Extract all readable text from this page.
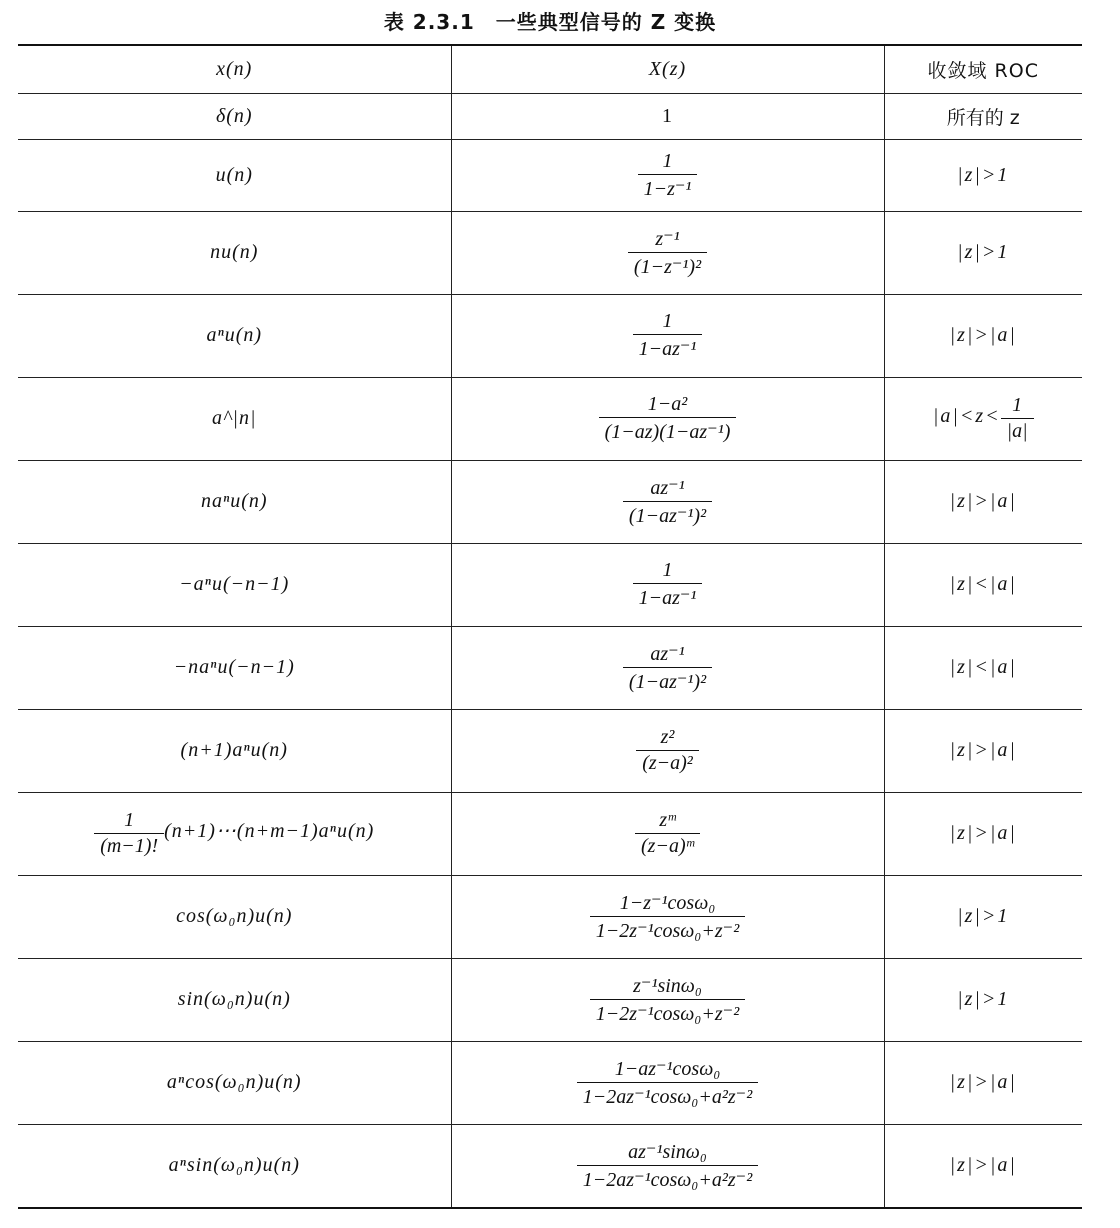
表 2.3.1　一些典型信号的 Z 变换
x(n)	X(z)	收敛域 ROC
δ(n)	1	所有的 z
u(n)	$\frac{1}{\text{1−z⁻¹}}$	|z|>1
nu(n)	$\frac{\text{z⁻¹}}{\text{(1−z⁻¹)²}}$	|z|>1
aⁿu(n)	$\frac{1}{\text{1−az⁻¹}}$	|z|>|a|
a^|n|	$\frac{\text{1−a²}}{\text{(1−az)(1−az⁻¹)}}$	$|a|<z< \frac{1}{|a|}$

naⁿu(n)	$\frac{\text{az⁻¹}}{\text{(1−az⁻¹)²}}$	|z|>|a|
−aⁿu(−n−1)	$\frac{1}{\text{1−az⁻¹}}$	|z|<|a|
−naⁿu(−n−1)	$\frac{\text{az⁻¹}}{\text{(1−az⁻¹)²}}$	|z|<|a|
(n+1)aⁿu(n)	$\frac{\text{z²}}{\text{(z−a)²}}$	|z|>|a|

$\frac{1}{(m-1)!}$ (n+1)⋯(n+m−1)aⁿu(n)	$\frac{\text{zᵐ}}{\text{(z−a)ᵐ}}$	|z|>|a|
cos(ω₀n)u(n)	$\frac{\text{1−z⁻¹cosω₀}}{\text{1−2z⁻¹cosω₀+z⁻²}}$	|z|>1
sin(ω₀n)u(n)	$\frac{\text{z⁻¹sinω₀}}{\text{1−2z⁻¹cosω₀+z⁻²}}$	|z|>1
aⁿcos(ω₀n)u(n)	$\frac{\text{1−az⁻¹cosω₀}}{\text{1−2az⁻¹cosω₀+a²z⁻²}}$	|z|>|a|
aⁿsin(ω₀n)u(n)	$\frac{\text{az⁻¹sinω₀}}{\text{1−2az⁻¹cosω₀+a²z⁻²}}$	|z|>|a|
